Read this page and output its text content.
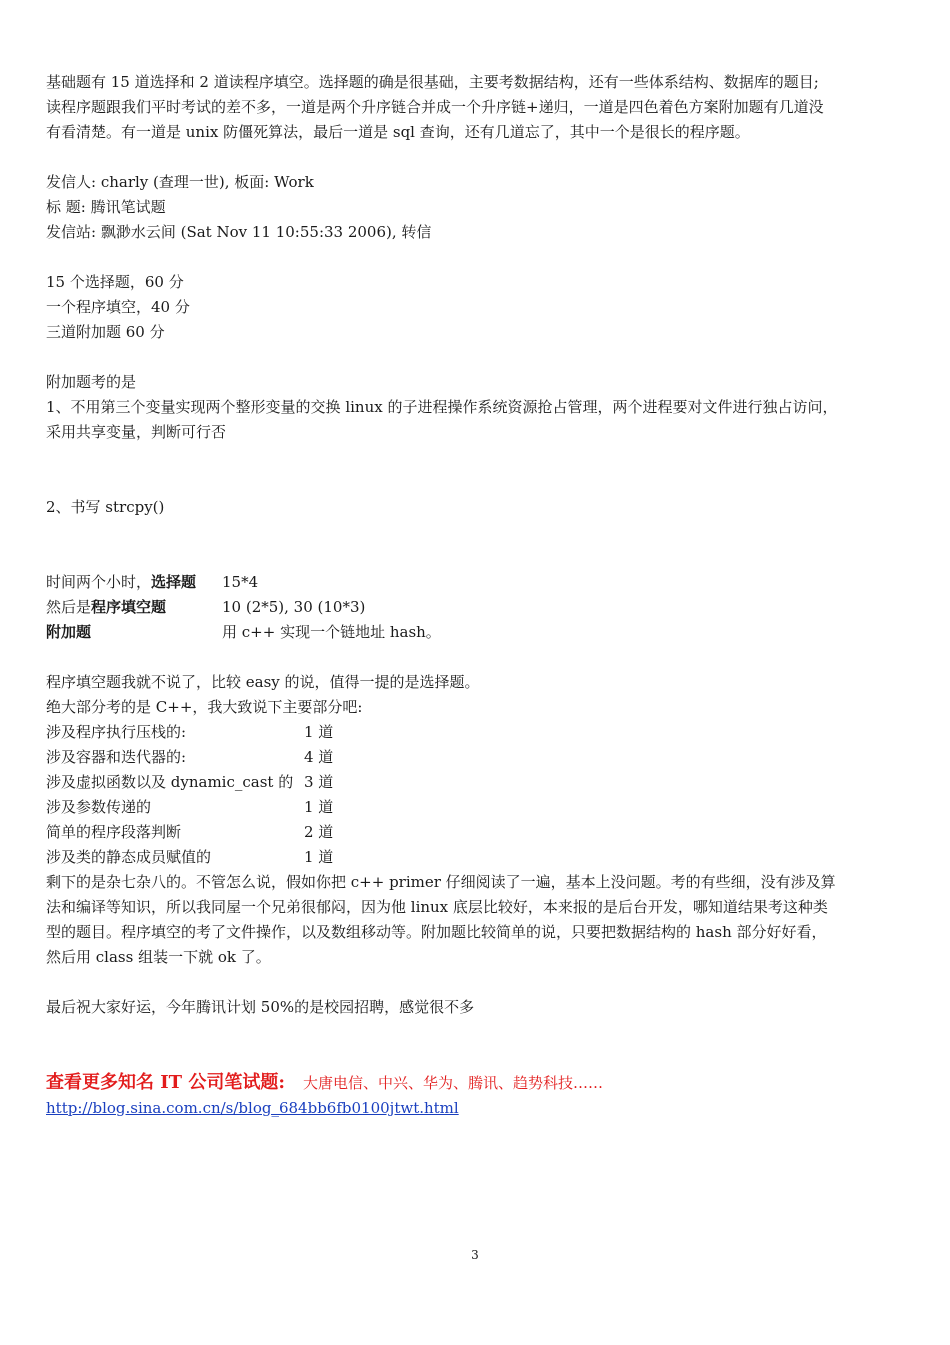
基础题有 15 道选择和 2 道读程序填空。选择题的确是很基础，主要考数据结构，还有一些体系结构、数据库的题目;

读程序题跟我们平时考试的差不多，一道是两个升序链合并成一个升序链+递归，一道是四色着色方案附加题有几道没

有看清楚。有一道是 unix 防僵死算法，最后一道是 sql 查询，还有几道忘了，其中一个是很长的程序题。

发信人: charly (查理一世), 板面: Work

标 题: 腾讯笔试题

发信站: 飘渺水云间 (Sat Nov 11 10:55:33 2006), 转信

15 个选择题，60 分

一个程序填空，40 分

三道附加题 60 分

附加题考的是

1、不用第三个变量实现两个整形变量的交换 linux 的子进程操作系统资源抢占管理，两个进程要对文件进行独占访问，

采用共享变量，判断可行否

2、书写 strcpy()

时间两个小时，选择题	15*4
然后是程序填空题	10 (2*5), 30 (10*3)
附加题	用 c++ 实现一个链地址 hash。

程序填空题我就不说了，比较 easy 的说，值得一提的是选择题。

绝大部分考的是 C++，我大致说下主要部分吧:

涉及程序执行压栈的:	1 道
涉及容器和迭代器的:	4 道
涉及虚拟函数以及 dynamic_cast 的 3 道
涉及参数传递的	1 道
简单的程序段落判断	2 道
涉及类的静态成员赋值的	1 道

剩下的是杂七杂八的。不管怎么说，假如你把 c++ primer 仔细阅读了一遍，基本上没问题。考的有些细，没有涉及算

法和编译等知识，所以我同屋一个兄弟很郁闷，因为他 linux 底层比较好，本来报的是后台开发，哪知道结果考这种类

型的题目。程序填空的考了文件操作，以及数组移动等。附加题比较简单的说，只要把数据结构的 hash 部分好好看，

然后用 class 组装一下就 ok 了。

最后祝大家好运，今年腾讯计划 50%的是校园招聘，感觉很不多

查看更多知名 IT 公司笔试题: 大唐电信、中兴、华为、腾讯、趋势科技……

http://blog.sina.com.cn/s/blog_684bb6fb0100jtwt.html

3
